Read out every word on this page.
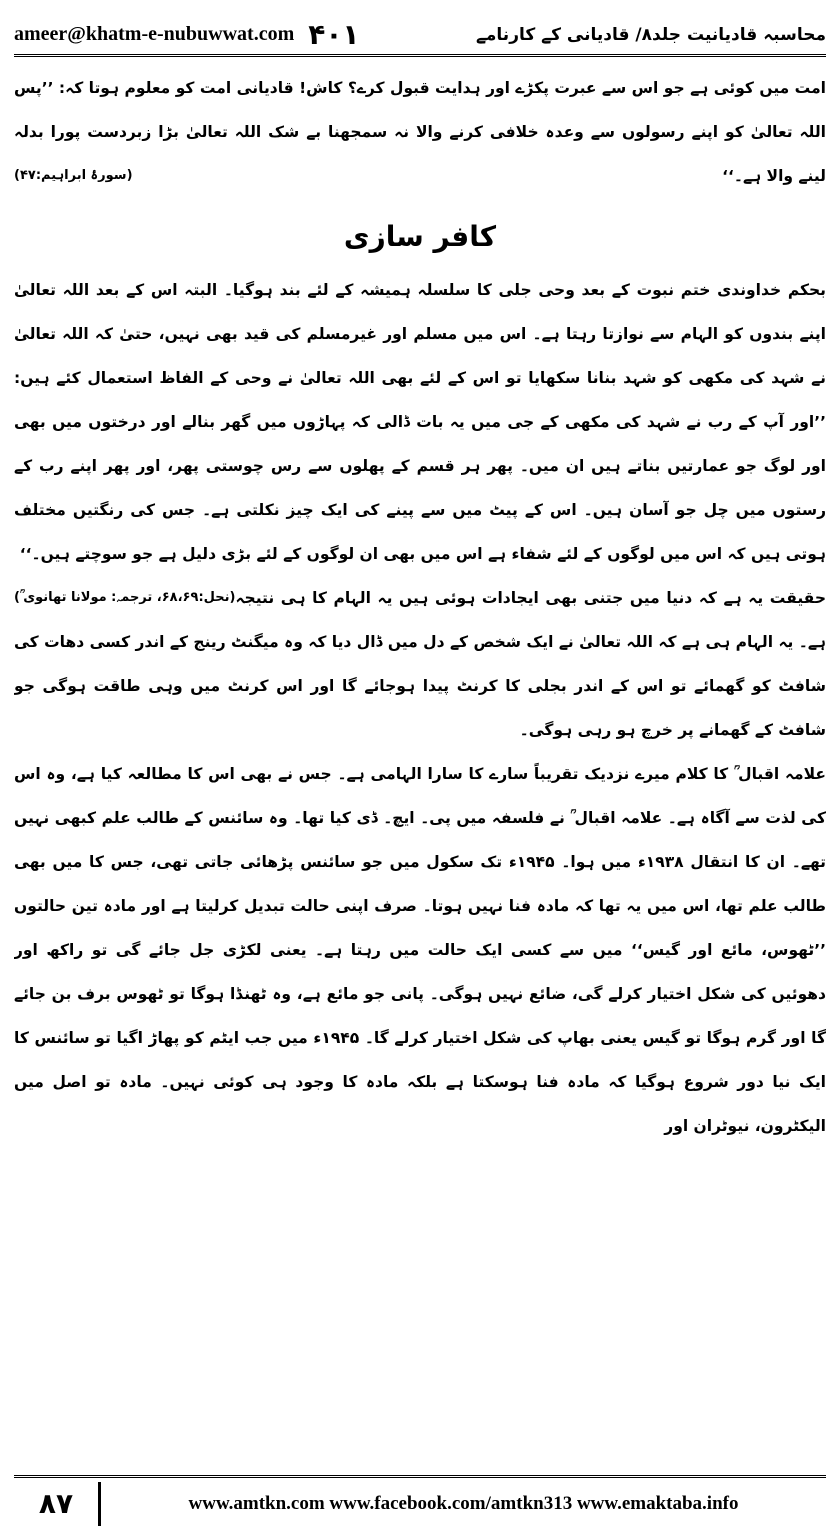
ameer@khatm-e-nubuwwat.com ۴۰۱	محاسبہ قادیانیت جلد۸/ قادیانی کے کارنامے

امت میں کوئی ہے جو اس سے عبرت پکڑے اور ہدایت قبول کرے؟ کاش! قادیانی امت کو معلوم ہوتا کہ: ’’پس اللہ تعالیٰ کو اپنے رسولوں سے وعدہ خلافی کرنے والا نہ سمجھنا بے شک اللہ تعالیٰ بڑا زبردست پورا بدلہ لینے والا ہے۔‘‘
(سورۂ ابراہیم:۴۷)

کافر سازی

بحکم خداوندی ختم نبوت کے بعد وحی جلی کا سلسلہ ہمیشہ کے لئے بند ہوگیا۔ البتہ اس کے بعد اللہ تعالیٰ اپنے بندوں کو الہام سے نوازتا رہتا ہے۔ اس میں مسلم اور غیرمسلم کی قید بھی نہیں، حتیٰ کہ اللہ تعالیٰ نے شہد کی مکھی کو شہد بنانا سکھایا تو اس کے لئے بھی اللہ تعالیٰ نے وحی کے الفاظ استعمال کئے ہیں: ’’اور آپ کے رب نے شہد کی مکھی کے جی میں یہ بات ڈالی کہ پہاڑوں میں گھر بنالے اور درختوں میں بھی اور لوگ جو عمارتیں بناتے ہیں ان میں۔ پھر ہر قسم کے پھلوں سے رس چوستی پھر، اور پھر اپنے رب کے رستوں میں چل جو آسان ہیں۔ اس کے پیٹ میں سے پینے کی ایک چیز نکلتی ہے۔ جس کی رنگتیں مختلف ہوتی ہیں کہ اس میں لوگوں کے لئے شفاء ہے اس میں بھی ان لوگوں کے لئے بڑی دلیل ہے جو سوچتے ہیں۔‘‘
(نحل:۶۸،۶۹، ترجمہ: مولانا تھانوی ؒ) حقیقت یہ ہے کہ دنیا میں جتنی بھی ایجادات ہوئی ہیں یہ الہام کا ہی نتیجہ ہے۔ یہ الہام ہی ہے کہ اللہ تعالیٰ نے ایک شخص کے دل میں ڈال دیا کہ وہ میگنٹ رینج کے اندر کسی دھات کی شافٹ کو گھمائے تو اس کے اندر بجلی کا کرنٹ پیدا ہوجائے گا اور اس کرنٹ میں وہی طاقت ہوگی جو شافٹ کے گھمانے پر خرچ ہو رہی ہوگی۔

علامہ اقبال ؒ کا کلام میرے نزدیک تقریباً سارے کا سارا الہامی ہے۔ جس نے بھی اس کا مطالعہ کیا ہے، وہ اس کی لذت سے آگاہ ہے۔ علامہ اقبال ؒ نے فلسفہ میں پی۔ ایچ۔ ڈی کیا تھا۔ وہ سائنس کے طالب علم کبھی نہیں تھے۔ ان کا انتقال ۱۹۳۸ء میں ہوا۔ ۱۹۴۵ء تک سکول میں جو سائنس پڑھائی جاتی تھی، جس کا میں بھی طالب علم تھا، اس میں یہ تھا کہ مادہ فنا نہیں ہوتا۔ صرف اپنی حالت تبدیل کرلیتا ہے اور مادہ تین حالتوں ’’ٹھوس، مائع اور گیس‘‘ میں سے کسی ایک حالت میں رہتا ہے۔ یعنی لکڑی جل جائے گی تو راکھ اور دھوئیں کی شکل اختیار کرلے گی، ضائع نہیں ہوگی۔ پانی جو مائع ہے، وہ ٹھنڈا ہوگا تو ٹھوس برف بن جائے گا اور گرم ہوگا تو گیس یعنی بھاپ کی شکل اختیار کرلے گا۔ ۱۹۴۵ء میں جب ایٹم کو پھاڑ اگیا تو سائنس کا ایک نیا دور شروع ہوگیا کہ مادہ فنا ہوسکتا ہے بلکہ مادہ کا وجود ہی کوئی نہیں۔ مادہ تو اصل میں الیکٹرون، نیوٹران اور

۸۷	www.amtkn.com www.facebook.com/amtkn313 www.emaktaba.info
